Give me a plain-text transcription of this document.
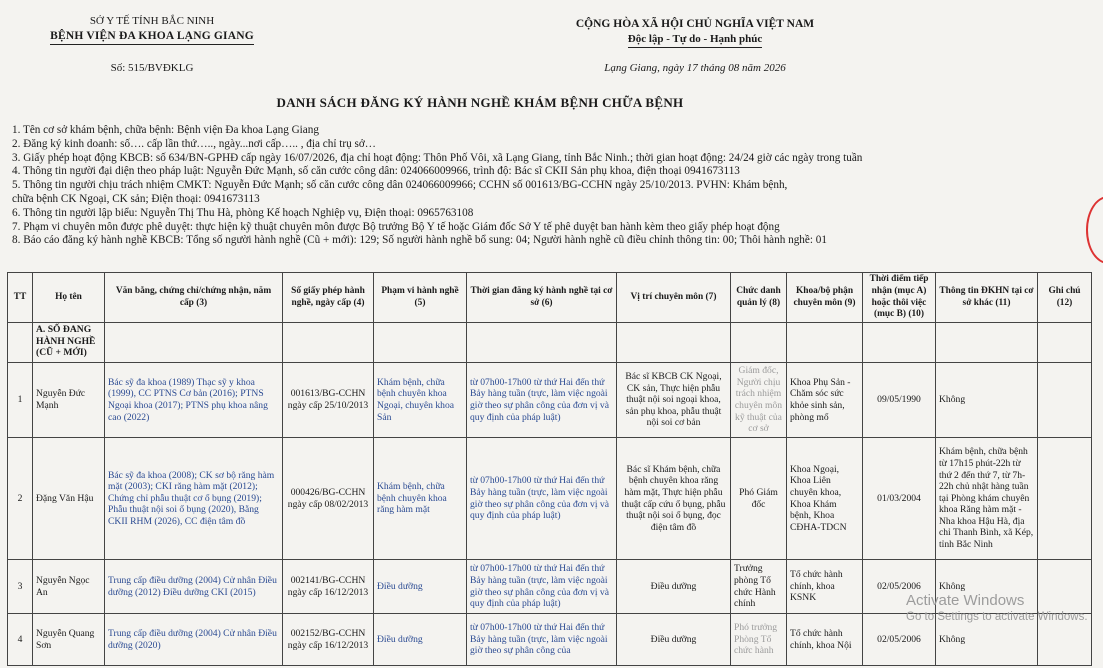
SỞ Y TẾ TỈNH BẮC NINH
BỆNH VIỆN ĐA KHOA LẠNG GIANG
Số: 515/BVĐKLG
CỘNG HÒA XÃ HỘI CHỦ NGHĨA VIỆT NAM
Độc lập - Tự do - Hạnh phúc
Lạng Giang, ngày 17 tháng 08 năm 2026
DANH SÁCH ĐĂNG KÝ HÀNH NGHỀ KHÁM BỆNH CHỮA BỆNH
1. Tên cơ sở khám bệnh, chữa bệnh: Bệnh viện Đa khoa Lạng Giang
2. Đăng ký kinh doanh: số…. cấp lần thứ….., ngày...nơi cấp….. , địa chỉ trụ sở…
3. Giấy phép hoạt động KBCB: số 634/BN-GPHĐ cấp ngày 16/07/2026, địa chỉ hoạt động: Thôn Phố Vôi, xã Lạng Giang, tỉnh Bắc Ninh.; thời gian hoạt động: 24/24 giờ các ngày trong tuần
4. Thông tin người đại diện theo pháp luật: Nguyễn Đức Mạnh, số căn cước công dân: 024066009966, trình độ: Bác sĩ CKII Sản phụ khoa, điện thoại 0941673113
5. Thông tin người chịu trách nhiệm CMKT: Nguyễn Đức Mạnh; số căn cước công dân 024066009966; CCHN số 001613/BG-CCHN ngày 25/10/2013. PVHN: Khám bệnh,
chữa bệnh CK Ngoại, CK sản; Điện thoại: 0941673113
6. Thông tin người lập biểu: Nguyễn Thị Thu Hà, phòng Kế hoạch Nghiệp vụ, Điện thoại: 0965763108
7. Phạm vi chuyên môn được phê duyệt: thực hiện kỹ thuật chuyên môn được Bộ trưởng Bộ Y tế hoặc Giám đốc Sở Y tế phê duyệt ban hành kèm theo giấy phép hoạt động
8. Báo cáo đăng ký hành nghề KBCB: Tổng số người hành nghề (Cũ + mới): 129; Số người hành nghề bổ sung: 04; Người hành nghề cũ điều chỉnh thông tin: 00; Thôi hành nghề: 01
TT	Họ tên	Văn bằng, chứng chỉ/chứng nhận, năm cấp (3)	Số giấy phép hành nghề, ngày cấp (4)	Phạm vi hành nghề (5)	Thời gian đăng ký hành nghề tại cơ sở (6)	Vị trí chuyên môn (7)	Chức danh quản lý (8)	Khoa/bộ phận chuyên môn (9)	Thời điểm tiếp nhận (mục A) hoặc thôi việc (mục B) (10)	Thông tin ĐKHN tại cơ sở khác (11)	Ghi chú (12)
	A. SỐ ĐANG HÀNH NGHỀ (CŨ + MỚI)										
1	Nguyễn Đức Mạnh	Bác sỹ đa khoa (1989) Thạc sỹ y khoa (1999), CC PTNS Cơ bản (2016); PTNS Ngoại khoa (2017); PTNS phụ khoa nâng cao (2022)	001613/BG-CCHN ngày cấp 25/10/2013	Khám bệnh, chữa bệnh chuyên khoa Ngoại, chuyên khoa Sản	từ 07h00-17h00 từ thứ Hai đến thứ Bảy hàng tuần (trực, làm việc ngoài giờ theo sự phân công của đơn vị và quy định của pháp luật)	Bác sĩ KBCB CK Ngoại, CK sản, Thực hiện phẫu thuật nội soi ngoại khoa, sản phụ khoa, phẫu thuật nội soi cơ bản	Giám đốc, Người chịu trách nhiệm chuyên môn kỹ thuật của cơ sở	Khoa Phụ Sản - Chăm sóc sức khỏe sinh sản, phòng mổ	09/05/1990	Không	
2	Đặng Văn Hậu	Bác sỹ đa khoa (2008); CK sơ bộ răng hàm mặt (2003); CKI răng hàm mặt (2012); Chứng chỉ phẫu thuật cơ ổ bụng (2019); Phẫu thuật nội soi ổ bụng (2020), Bằng CKII RHM (2026), CC điện tâm đồ	000426/BG-CCHN ngày cấp 08/02/2013	Khám bệnh, chữa bệnh chuyên khoa răng hàm mặt	từ 07h00-17h00 từ thứ Hai đến thứ Bảy hàng tuần (trực, làm việc ngoài giờ theo sự phân công của đơn vị và quy định của pháp luật)	Bác sĩ Khám bệnh, chữa bệnh chuyên khoa răng hàm mặt, Thực hiện phẫu thuật cấp cứu ổ bụng, phẫu thuật nội soi ổ bụng, đọc điện tâm đồ	Phó Giám đốc	Khoa Ngoại, Khoa Liên chuyên khoa, Khoa Khám bệnh, Khoa CĐHA-TDCN	01/03/2004	Khám bệnh, chữa bệnh từ 17h15 phút-22h từ thứ 2 đến thứ 7, từ 7h-22h chủ nhật hàng tuần tại Phòng khám chuyên khoa Răng hàm mặt - Nha khoa Hậu Hà, địa chỉ Thanh Bình, xã Kép, tỉnh Bắc Ninh	
3	Nguyễn Ngọc An	Trung cấp điều dưỡng (2004) Cử nhân Điều dưỡng (2012) Điều dưỡng CKI (2015)	002141/BG-CCHN ngày cấp 16/12/2013	Điều dưỡng	từ 07h00-17h00 từ thứ Hai đến thứ Bảy hàng tuần (trực, làm việc ngoài giờ theo sự phân công của đơn vị và quy định của pháp luật)	Điều dưỡng	Trưởng phòng Tổ chức Hành chính	Tổ chức hành chính, khoa KSNK	02/05/2006	Không	
4	Nguyễn Quang Sơn	Trung cấp điều dưỡng (2004) Cử nhân Điều dưỡng (2020)	002152/BG-CCHN ngày cấp 16/12/2013	Điều dưỡng	từ 07h00-17h00 từ thứ Hai đến thứ Bảy hàng tuần (trực, làm việc ngoài giờ theo sự phân công của	Điều dưỡng	Phó trưởng Phòng Tổ chức hành	Tổ chức hành chính, khoa Nội	02/05/2006	Không	
Activate Windows
Go to Settings to activate Windows.
